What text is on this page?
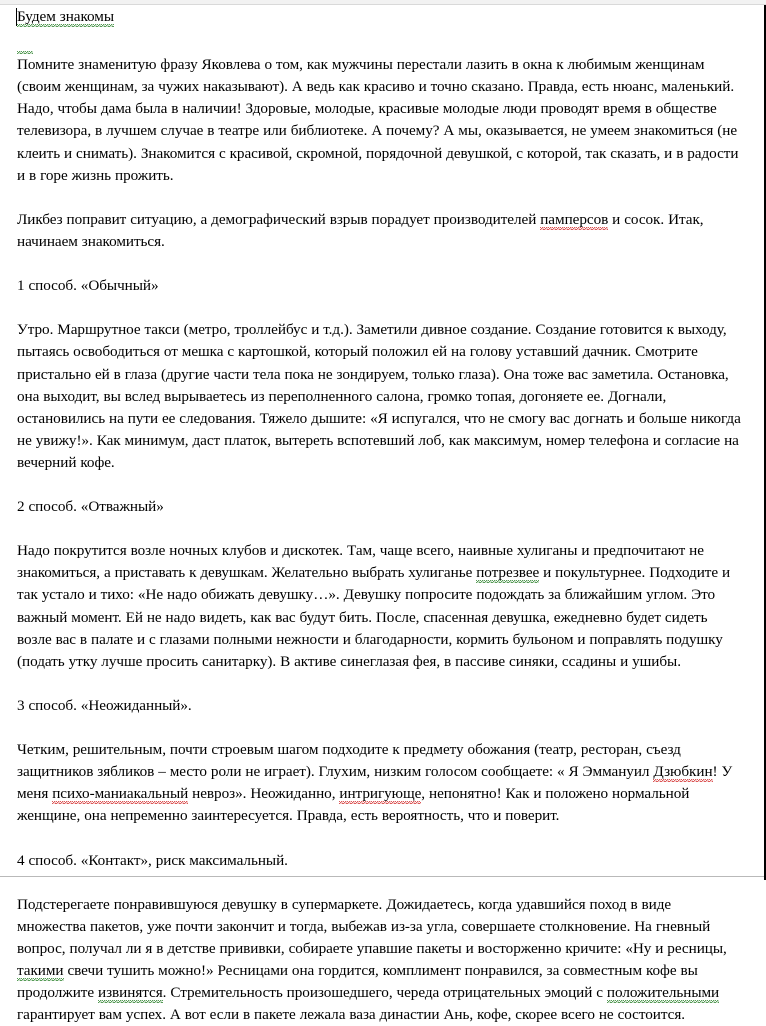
Будем знакомы

Помните знаменитую фразу Яковлева о том, как мужчины перестали лазить в окна к любимым женщинам (своим женщинам, за чужих наказывают). А ведь как красиво и точно сказано. Правда, есть нюанс, маленький. Надо, чтобы дама была в наличии! Здоровые, молодые, красивые молодые люди проводят время в обществе телевизора, в лучшем случае в театре или библиотеке. А почему? А мы, оказывается, не умеем знакомиться (не клеить и снимать). Знакомится с красивой, скромной, порядочной девушкой, с которой, так сказать, и в радости и в горе жизнь прожить.

Ликбез поправит ситуацию, а демографический взрыв порадует производителей памперсов и сосок. Итак, начинаем знакомиться.

1 способ. «Обычный»

Утро. Маршрутное такси (метро, троллейбус и т.д.). Заметили дивное создание. Создание готовится к выходу, пытаясь освободиться от мешка с картошкой, который положил ей на голову уставший дачник. Смотрите пристально ей в глаза (другие части тела пока не зондируем, только глаза). Она тоже вас заметила. Остановка, она выходит, вы вслед вырываетесь из переполненного салона, громко топая, догоняете ее. Догнали, остановились на пути ее следования. Тяжело дышите: «Я испугался, что не смогу вас догнать и больше никогда не увижу!». Как минимум, даст платок, вытереть вспотевший лоб, как максимум, номер телефона и согласие на вечерний кофе.

2 способ. «Отважный»

Надо покрутится возле ночных клубов и дискотек. Там, чаще всего, наивные хулиганы и предпочитают не знакомиться, а приставать к девушкам. Желательно выбрать хулиганье потрезвее и покультурнее. Подходите и так устало и тихо: «Не надо обижать девушку…». Девушку попросите подождать за ближайшим углом. Это важный момент. Ей не надо видеть, как вас будут бить. После, спасенная девушка, ежедневно будет сидеть возле вас в палате и с глазами полными нежности и благодарности, кормить бульоном и поправлять подушку (подать утку лучше просить санитарку). В активе синеглазая фея, в пассиве синяки, ссадины и ушибы.

3 способ. «Неожиданный».

Четким, решительным, почти строевым шагом подходите к предмету обожания (театр, ресторан, съезд защитников зябликов – место роли не играет). Глухим, низким голосом сообщаете: « Я Эммануил Дзюбкин! У меня психо-маниакальный невроз». Неожиданно, интригующе, непонятно! Как и положено нормальной женщине, она непременно заинтересуется. Правда, есть вероятность, что и поверит.

4 способ. «Контакт», риск максимальный.

Подстерегаете понравившуюся девушку в супермаркете. Дожидаетесь, когда удавшийся поход в виде множества пакетов, уже почти закончит и тогда, выбежав из-за угла, совершаете столкновение. На гневный вопрос, получал ли я в детстве прививки, собираете упавшие пакеты и восторженно кричите: «Ну и ресницы, такими свечи тушить можно!» Ресницами она гордится, комплимент понравился, за совместным кофе вы продолжите извинятся. Стремительность произошедшего, череда отрицательных эмоций с положительными гарантирует вам успех. А вот если в пакете лежала ваза династии Ань, кофе, скорее всего не состоится.
